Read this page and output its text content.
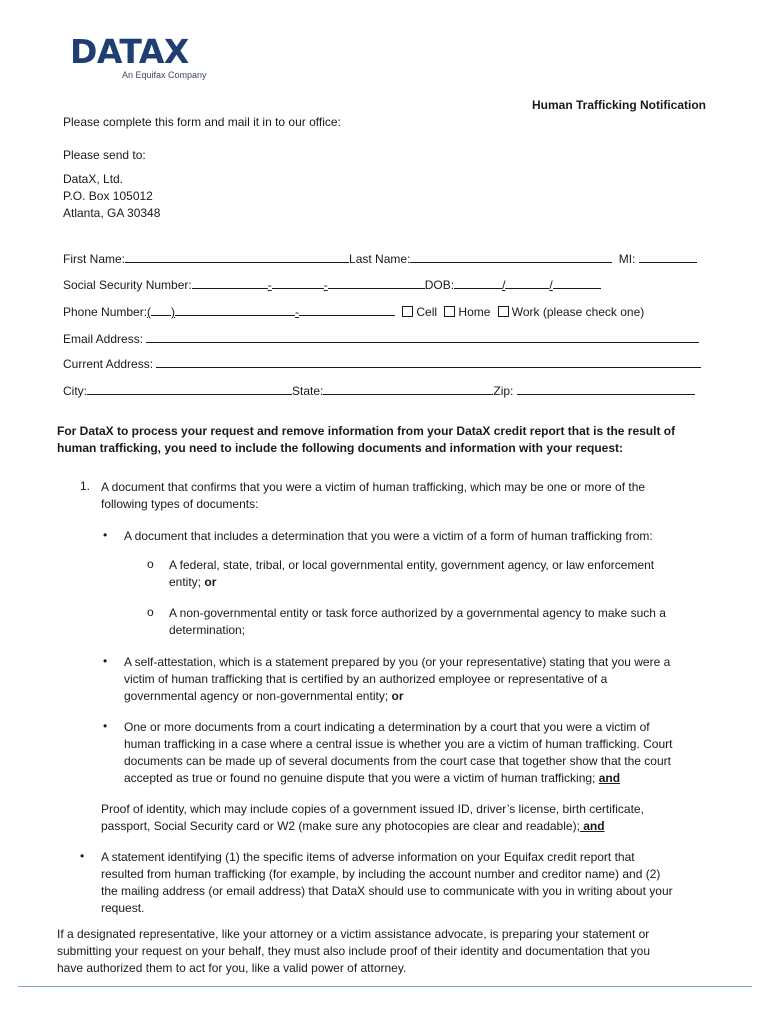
DATAX
An Equifax Company
Human Trafficking Notification
Please complete this form and mail it in to our office:
Please send to:
DataX, Ltd.
P.O. Box 105012
Atlanta, GA 30348
First Name:	Last Name:	MI:
Social Security Number:	-	-	DOB:	/	/
Phone Number:( )	-	Cell Home Work (please check one)
Email Address:
Current Address:
City:	State:	Zip:
For DataX to process your request and remove information from your DataX credit report that is the result of
human trafficking, you need to include the following documents and information with your request:
1. A document that confirms that you were a victim of human trafficking, which may be one or more of the
following types of documents:
• A document that includes a determination that you were a victim of a form of human trafficking from:
o A federal, state, tribal, or local governmental entity, government agency, or law enforcement
entity; or
o A non-governmental entity or task force authorized by a governmental agency to make such a
determination;
• A self-attestation, which is a statement prepared by you (or your representative) stating that you were a
victim of human trafficking that is certified by an authorized employee or representative of a
governmental agency or non-governmental entity; or
• One or more documents from a court indicating a determination by a court that you were a victim of
human trafficking in a case where a central issue is whether you are a victim of human trafficking. Court
documents can be made up of several documents from the court case that together show that the court
accepted as true or found no genuine dispute that you were a victim of human trafficking; and
Proof of identity, which may include copies of a government issued ID, driver’s license, birth certificate,
passport, Social Security card or W2 (make sure any photocopies are clear and readable); and
• A statement identifying (1) the specific items of adverse information on your Equifax credit report that
resulted from human trafficking (for example, by including the account number and creditor name) and (2)
the mailing address (or email address) that DataX should use to communicate with you in writing about your
request.
If a designated representative, like your attorney or a victim assistance advocate, is preparing your statement or
submitting your request on your behalf, they must also include proof of their identity and documentation that you
have authorized them to act for you, like a valid power of attorney.
